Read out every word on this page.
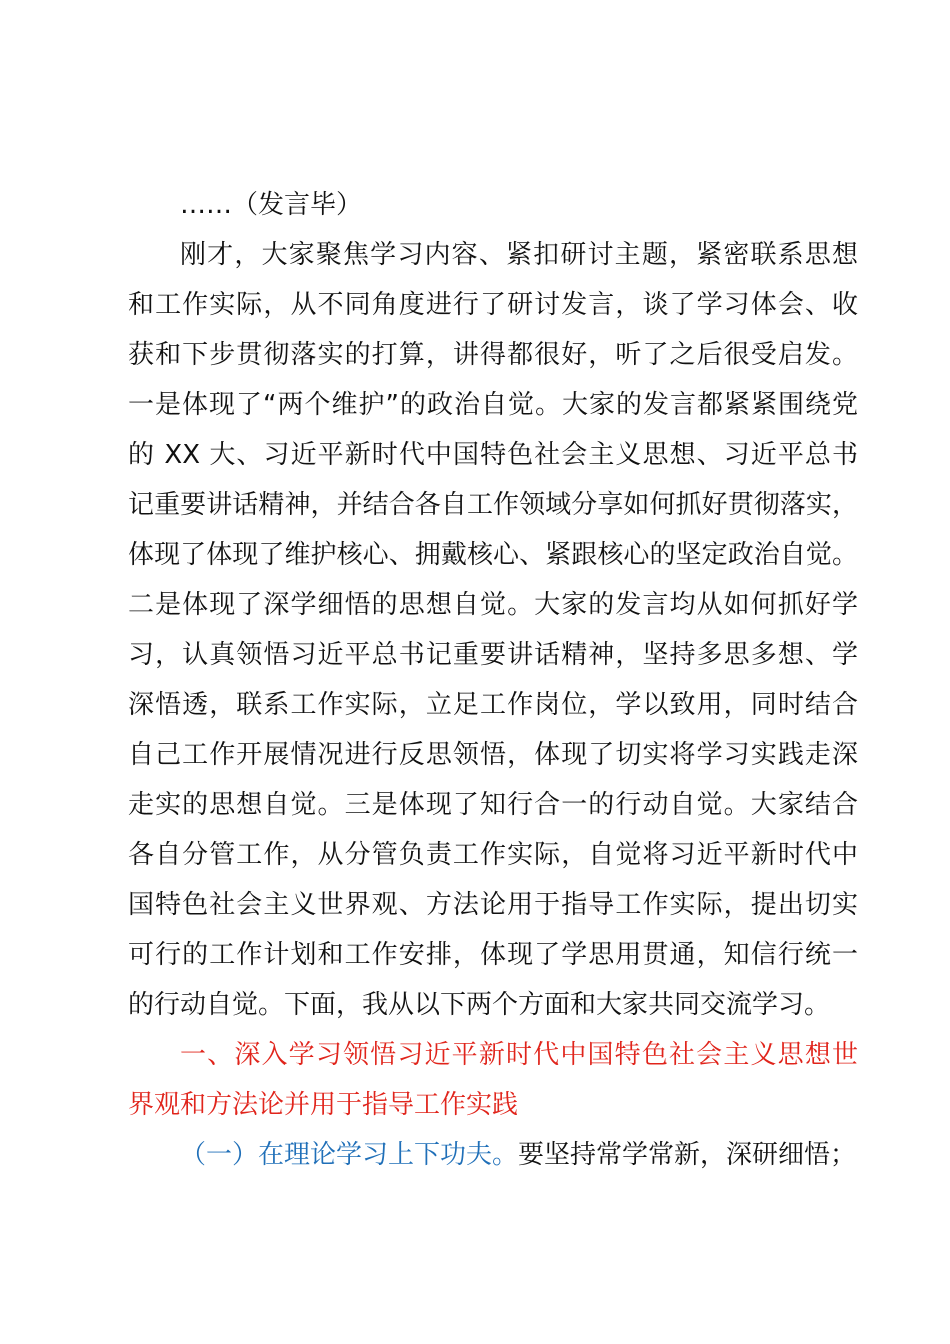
……（发言毕）
刚才，大家聚焦学习内容、紧扣研讨主题，紧密联系思想
和工作实际，从不同角度进行了研讨发言，谈了学习体会、收
获和下步贯彻落实的打算，讲得都很好，听了之后很受启发。
一是体现了“两个维护”的政治自觉。大家的发言都紧紧围绕党
的 XX 大、习近平新时代中国特色社会主义思想、习近平总书
记重要讲话精神，并结合各自工作领域分享如何抓好贯彻落实，
体现了体现了维护核心、拥戴核心、紧跟核心的坚定政治自觉。
二是体现了深学细悟的思想自觉。大家的发言均从如何抓好学
习，认真领悟习近平总书记重要讲话精神，坚持多思多想、学
深悟透，联系工作实际，立足工作岗位，学以致用，同时结合
自己工作开展情况进行反思领悟，体现了切实将学习实践走深
走实的思想自觉。三是体现了知行合一的行动自觉。大家结合
各自分管工作，从分管负责工作实际，自觉将习近平新时代中
国特色社会主义世界观、方法论用于指导工作实际，提出切实
可行的工作计划和工作安排，体现了学思用贯通，知信行统一
的行动自觉。下面，我从以下两个方面和大家共同交流学习。
一、深入学习领悟习近平新时代中国特色社会主义思想世
界观和方法论并用于指导工作实践
（一）在理论学习上下功夫。要坚持常学常新，深研细悟；
